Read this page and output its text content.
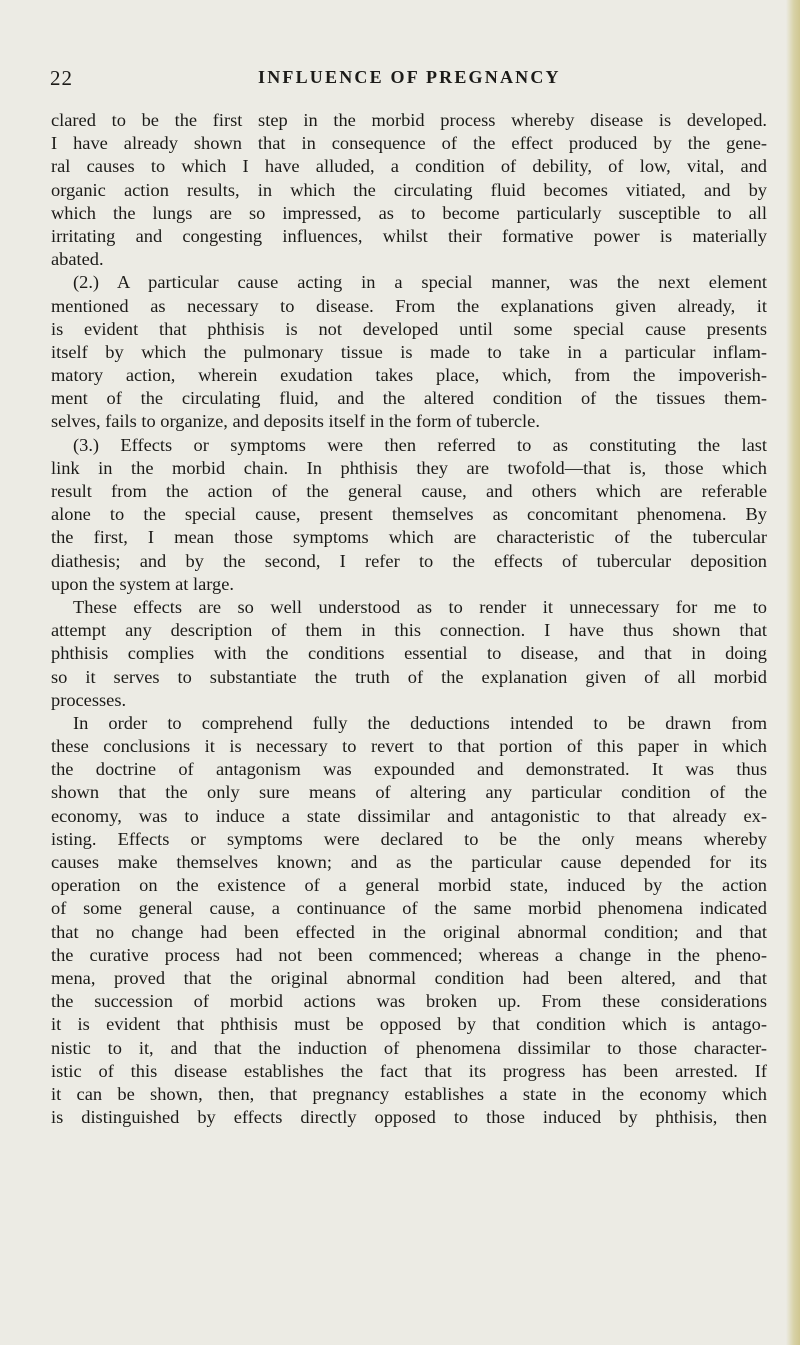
22	INFLUENCE OF PREGNANCY
clared to be the first step in the morbid process whereby disease is developed.
I have already shown that in consequence of the effect produced by the gene-
ral causes to which I have alluded, a condition of debility, of low, vital, and
organic action results, in which the circulating fluid becomes vitiated, and by
which the lungs are so impressed, as to become particularly susceptible to all
irritating and congesting influences, whilst their formative power is materially
abated.
(2.) A particular cause acting in a special manner, was the next element
mentioned as necessary to disease. From the explanations given already, it
is evident that phthisis is not developed until some special cause presents
itself by which the pulmonary tissue is made to take in a particular inflam-
matory action, wherein exudation takes place, which, from the impoverish-
ment of the circulating fluid, and the altered condition of the tissues them-
selves, fails to organize, and deposits itself in the form of tubercle.
(3.) Effects or symptoms were then referred to as constituting the last
link in the morbid chain. In phthisis they are twofold—that is, those which
result from the action of the general cause, and others which are referable
alone to the special cause, present themselves as concomitant phenomena. By
the first, I mean those symptoms which are characteristic of the tubercular
diathesis; and by the second, I refer to the effects of tubercular deposition
upon the system at large.
These effects are so well understood as to render it unnecessary for me to
attempt any description of them in this connection. I have thus shown that
phthisis complies with the conditions essential to disease, and that in doing
so it serves to substantiate the truth of the explanation given of all morbid
processes.
In order to comprehend fully the deductions intended to be drawn from
these conclusions it is necessary to revert to that portion of this paper in which
the doctrine of antagonism was expounded and demonstrated. It was thus
shown that the only sure means of altering any particular condition of the
economy, was to induce a state dissimilar and antagonistic to that already ex-
isting. Effects or symptoms were declared to be the only means whereby
causes make themselves known; and as the particular cause depended for its
operation on the existence of a general morbid state, induced by the action
of some general cause, a continuance of the same morbid phenomena indicated
that no change had been effected in the original abnormal condition; and that
the curative process had not been commenced; whereas a change in the pheno-
mena, proved that the original abnormal condition had been altered, and that
the succession of morbid actions was broken up. From these considerations
it is evident that phthisis must be opposed by that condition which is antago-
nistic to it, and that the induction of phenomena dissimilar to those character-
istic of this disease establishes the fact that its progress has been arrested. If
it can be shown, then, that pregnancy establishes a state in the economy which
is distinguished by effects directly opposed to those induced by phthisis, then
